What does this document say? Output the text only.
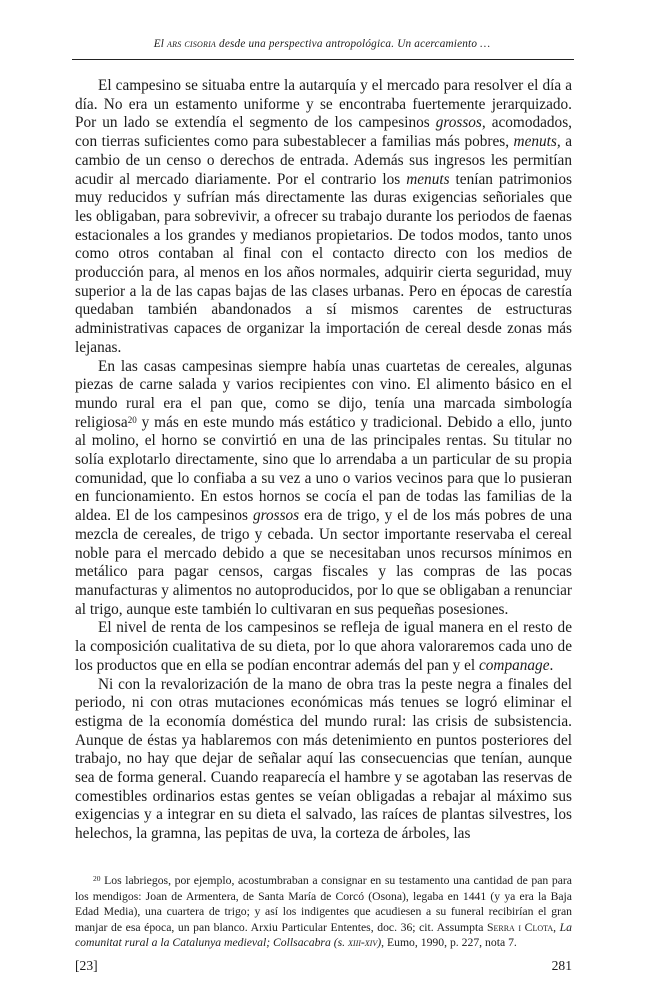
El ars cisoria desde una perspectiva antropológica. Un acercamiento …

El campesino se situaba entre la autarquía y el mercado para resolver el día a día. No era un estamento uniforme y se encontraba fuertemente jerarquizado. Por un lado se extendía el segmento de los campesinos grossos, acomodados, con tierras suficientes como para subestablecer a familias más pobres, menuts, a cambio de un censo o derechos de entrada. Además sus ingresos les permitían acudir al mercado diariamente. Por el contrario los menuts tenían patrimonios muy reducidos y sufrían más directamente las duras exigencias señoriales que les obligaban, para sobrevivir, a ofrecer su trabajo durante los periodos de faenas estacionales a los grandes y medianos propietarios. De todos modos, tanto unos como otros contaban al final con el contacto directo con los medios de producción para, al menos en los años normales, adquirir cierta seguridad, muy superior a la de las capas bajas de las clases urbanas. Pero en épocas de carestía quedaban también abandonados a sí mismos carentes de estructuras administrativas capaces de organizar la importación de cereal desde zonas más lejanas.

En las casas campesinas siempre había unas cuartetas de cereales, algunas piezas de carne salada y varios recipientes con vino. El alimento básico en el mundo rural era el pan que, como se dijo, tenía una marcada simbología religiosa$^{20}$ y más en este mundo más estático y tradicional. Debido a ello, junto al molino, el horno se convirtió en una de las principales rentas. Su titular no solía explotarlo directamente, sino que lo arrendaba a un particular de su propia comunidad, que lo confiaba a su vez a uno o varios vecinos para que lo pusieran en funcionamiento. En estos hornos se cocía el pan de todas las familias de la aldea. El de los campesinos grossos era de trigo, y el de los más pobres de una mezcla de cereales, de trigo y cebada. Un sector importante reservaba el cereal noble para el mercado debido a que se necesitaban unos recursos mínimos en metálico para pagar censos, cargas fiscales y las compras de las pocas manufacturas y alimentos no autoproducidos, por lo que se obligaban a renunciar al trigo, aunque este también lo cultivaran en sus pequeñas posesiones.

El nivel de renta de los campesinos se refleja de igual manera en el resto de la composición cualitativa de su dieta, por lo que ahora valoraremos cada uno de los productos que en ella se podían encontrar además del pan y el companage.

Ni con la revalorización de la mano de obra tras la peste negra a finales del periodo, ni con otras mutaciones económicas más tenues se logró eliminar el estigma de la economía doméstica del mundo rural: las crisis de subsistencia. Aunque de éstas ya hablaremos con más detenimiento en puntos posteriores del trabajo, no hay que dejar de señalar aquí las consecuencias que tenían, aunque sea de forma general. Cuando reaparecía el hambre y se agotaban las reservas de comestibles ordinarios estas gentes se veían obligadas a rebajar al máximo sus exigencias y a integrar en su dieta el salvado, las raíces de plantas silvestres, los helechos, la gramna, las pepitas de uva, la corteza de árboles, las

$^{20}$ Los labriegos, por ejemplo, acostumbraban a consignar en su testamento una cantidad de pan para los mendigos: Joan de Armentera, de Santa María de Corcó (Osona), legaba en 1441 (y ya era la Baja Edad Media), una cuartera de trigo; y así los indigentes que acudiesen a su funeral recibirían el gran manjar de esa época, un pan blanco. Arxiu Particular Ententes, doc. 36; cit. Assumpta Serra i Clota, La comunitat rural a la Catalunya medieval; Collsacabra (s. xiii-xiv), Eumo, 1990, p. 227, nota 7.

[23]	281
